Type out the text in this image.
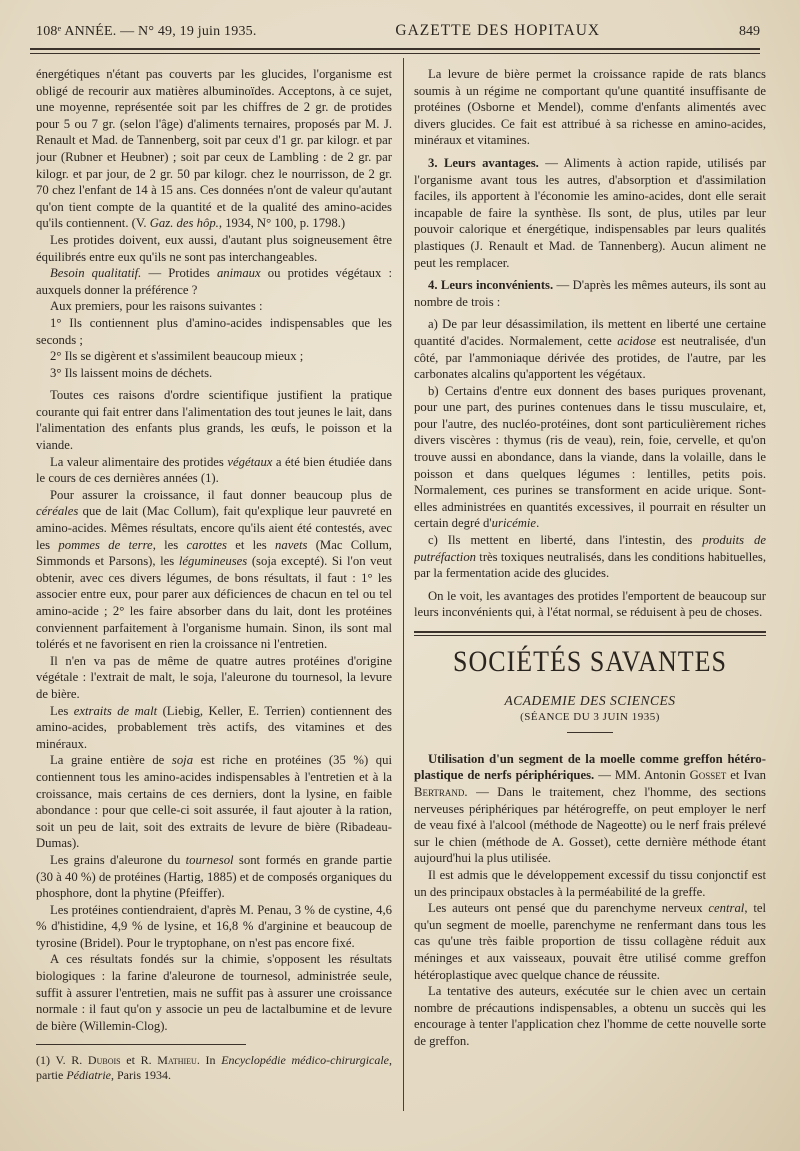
108ᵉ ANNÉE. — N° 49, 19 juin 1935.	GAZETTE DES HOPITAUX	849

énergétiques n'étant pas couverts par les glucides, l'organisme est obligé de recourir aux matières albuminoïdes. Acceptons, à ce sujet, une moyenne, représentée soit par les chiffres de 2 gr. de protides pour 5 ou 7 gr. (selon l'âge) d'aliments ternaires, proposés par M. J. Renault et Mad. de Tannenberg, soit par ceux d'1 gr. par kilogr. et par jour (Rubner et Heubner) ; soit par ceux de Lambling : de 2 gr. par kilogr. et par jour, de 2 gr. 50 par kilogr. chez le nourrisson, de 2 gr. 70 chez l'enfant de 14 à 15 ans. Ces données n'ont de valeur qu'autant qu'on tient compte de la quantité et de la qualité des amino-acides qu'ils contiennent. (V. Gaz. des hôp., 1934, N° 100, p. 1798.)

Les protides doivent, eux aussi, d'autant plus soigneusement être équilibrés entre eux qu'ils ne sont pas interchangeables.

Besoin qualitatif. — Protides animaux ou protides végétaux : auxquels donner la préférence ?

Aux premiers, pour les raisons suivantes :

1° Ils contiennent plus d'amino-acides indispensables que les seconds ;

2° Ils se digèrent et s'assimilent beaucoup mieux ;

3° Ils laissent moins de déchets.

Toutes ces raisons d'ordre scientifique justifient la pratique courante qui fait entrer dans l'alimentation des tout jeunes le lait, dans l'alimentation des enfants plus grands, les œufs, le poisson et la viande.

La valeur alimentaire des protides végétaux a été bien étudiée dans le cours de ces dernières années (1).

Pour assurer la croissance, il faut donner beaucoup plus de céréales que de lait (Mac Collum), fait qu'explique leur pauvreté en amino-acides. Mêmes résultats, encore qu'ils aient été contestés, avec les pommes de terre, les carottes et les navets (Mac Collum, Simmonds et Parsons), les légumineuses (soja excepté). Si l'on veut obtenir, avec ces divers légumes, de bons résultats, il faut : 1° les associer entre eux, pour parer aux déficiences de chacun en tel ou tel amino-acide ; 2° les faire absorber dans du lait, dont les protéines conviennent parfaitement à l'organisme humain. Sinon, ils sont mal tolérés et ne favorisent en rien la croissance ni l'entretien.

Il n'en va pas de même de quatre autres protéines d'origine végétale : l'extrait de malt, le soja, l'aleurone du tournesol, la levure de bière.

Les extraits de malt (Liebig, Keller, E. Terrien) contiennent des amino-acides, probablement très actifs, des vitamines et des minéraux.

La graine entière de soja est riche en protéines (35 %) qui contiennent tous les amino-acides indispensables à l'entretien et à la croissance, mais certains de ces derniers, dont la lysine, en faible abondance : pour que celle-ci soit assurée, il faut ajouter à la ration, soit un peu de lait, soit des extraits de levure de bière (Ribadeau-Dumas).

Les grains d'aleurone du tournesol sont formés en grande partie (30 à 40 %) de protéines (Hartig, 1885) et de composés organiques du phosphore, dont la phytine (Pfeiffer).

Les protéines contiendraient, d'après M. Penau, 3 % de cystine, 4,6 % d'histidine, 4,9 % de lysine, et 16,8 % d'arginine et beaucoup de tyrosine (Bridel). Pour le tryptophane, on n'est pas encore fixé.

A ces résultats fondés sur la chimie, s'opposent les résultats biologiques : la farine d'aleurone de tournesol, administrée seule, suffit à assurer l'entretien, mais ne suffit pas à assurer une croissance normale : il faut qu'on y associe un peu de lactalbumine et de levure de bière (Willemin-Clog).

(1) V. R. Dubois et R. Mathieu. In Encyclopédie médico-chirurgicale, partie Pédiatrie, Paris 1934.

La levure de bière permet la croissance rapide de rats blancs soumis à un régime ne comportant qu'une quantité insuffisante de protéines (Osborne et Mendel), comme d'enfants alimentés avec divers glucides. Ce fait est attribué à sa richesse en amino-acides, minéraux et vitamines.

3. Leurs avantages. — Aliments à action rapide, utilisés par l'organisme avant tous les autres, d'absorption et d'assimilation faciles, ils apportent à l'économie les amino-acides, dont elle serait incapable de faire la synthèse. Ils sont, de plus, utiles par leur pouvoir calorique et énergétique, indispensables par leurs qualités plastiques (J. Renault et Mad. de Tannenberg). Aucun aliment ne peut les remplacer.

4. Leurs inconvénients. — D'après les mêmes auteurs, ils sont au nombre de trois :

a) De par leur désassimilation, ils mettent en liberté une certaine quantité d'acides. Normalement, cette acidose est neutralisée, d'un côté, par l'ammoniaque dérivée des protides, de l'autre, par les carbonates alcalins qu'apportent les végétaux.

b) Certains d'entre eux donnent des bases puriques provenant, pour une part, des purines contenues dans le tissu musculaire, et, pour l'autre, des nucléo-protéines, dont sont particulièrement riches divers viscères : thymus (ris de veau), rein, foie, cervelle, et qu'on trouve aussi en abondance, dans la viande, dans la volaille, dans le poisson et dans quelques légumes : lentilles, petits pois. Normalement, ces purines se transforment en acide urique. Sont-elles administrées en quantités excessives, il pourrait en résulter un certain degré d'uricémie.

c) Ils mettent en liberté, dans l'intestin, des produits de putréfaction très toxiques neutralisés, dans les conditions habituelles, par la fermentation acide des glucides.

On le voit, les avantages des protides l'emportent de beaucoup sur leurs inconvénients qui, à l'état normal, se réduisent à peu de choses.

SOCIÉTÉS SAVANTES

ACADEMIE DES SCIENCES

(SÉANCE DU 3 JUIN 1935)

Utilisation d'un segment de la moelle comme greffon hétéro-plastique de nerfs périphériques. — MM. Antonin Gosset et Ivan Bertrand. — Dans le traitement, chez l'homme, des sections nerveuses périphériques par hétérogreffe, on peut employer le nerf de veau fixé à l'alcool (méthode de Nageotte) ou le nerf frais prélevé sur le chien (méthode de A. Gosset), cette dernière méthode étant aujourd'hui la plus utilisée.

Il est admis que le développement excessif du tissu conjonctif est un des principaux obstacles à la perméabilité de la greffe.

Les auteurs ont pensé que du parenchyme nerveux central, tel qu'un segment de moelle, parenchyme ne renfermant dans tous les cas qu'une très faible proportion de tissu collagène réduit aux méninges et aux vaisseaux, pouvait être utilisé comme greffon hétéroplastique avec quelque chance de réussite.

La tentative des auteurs, exécutée sur le chien avec un certain nombre de précautions indispensables, a obtenu un succès qui les encourage à tenter l'application chez l'homme de cette nouvelle sorte de greffon.
